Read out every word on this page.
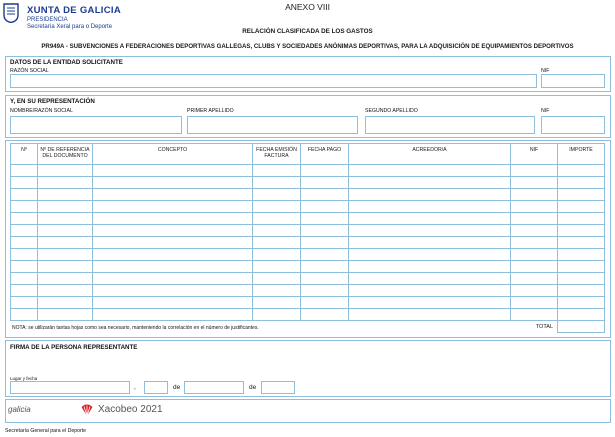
XUNTA DE GALICIA
PRESIDENCIA
Secretaría Xeral para o Deporte
ANEXO VIII
RELACIÓN CLASIFICADA DE LOS GASTOS
PR949A - SUBVENCIONES A FEDERACIONES DEPORTIVAS GALLEGAS, CLUBS Y SOCIEDADES ANÓNIMAS DEPORTIVAS, PARA LA ADQUISICIÓN DE EQUIPAMIENTOS DEPORTIVOS
DATOS DE LA ENTIDAD SOLICITANTE
RAZÓN SOCIAL	NIF
Y, EN SU REPRESENTACIÓN
NOMBRE/RAZÓN SOCIAL	PRIMER APELLIDO	SEGUNDO APELLIDO	NIF
Nº	Nº DE REFERENCIA DEL DOCUMENTO	CONCEPTO	FECHA EMISIÓN FACTURA	FECHA PAGO	ACREEDOR/A	NIF	IMPORTE

						TOTAL	
NOTA: se utilizarán tantas hojas como sea necesario, manteniendo la correlación en el número de justificantes.
FIRMA DE LA PERSONA REPRESENTANTE
Lugar y fecha
,	de	de
galicia	Xacobeo 2021
Secretaría General para el Deporte
